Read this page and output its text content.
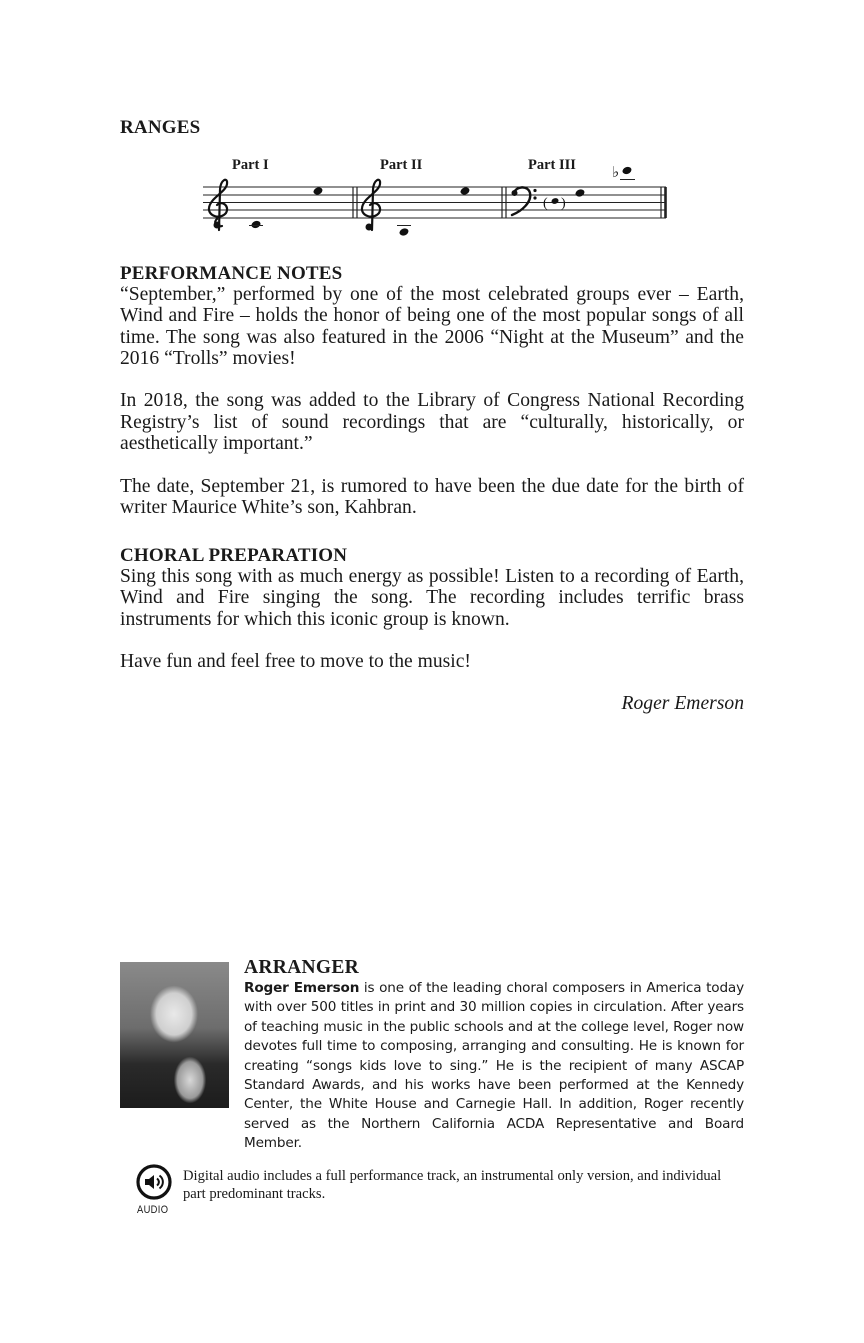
RANGES
Part I	Part II	Part III
( )
♭
PERFORMANCE NOTES

“September,” performed by one of the most celebrated groups ever – Earth, Wind and Fire – holds the honor of being one of the most popular songs of all time. The song was also featured in the 2006 “Night at the Museum” and the 2016 “Trolls” movies!

In 2018, the song was added to the Library of Congress National Recording Registry’s list of sound recordings that are “culturally, historically, or aesthetically important.”

The date, September 21, is rumored to have been the due date for the birth of writer Maurice White’s son, Kahbran.

CHORAL PREPARATION

Sing this song with as much energy as possible! Listen to a recording of Earth, Wind and Fire singing the song. The recording includes terrific brass instruments for which this iconic group is known.

Have fun and feel free to move to the music!

Roger Emerson
ARRANGER
Roger Emerson is one of the leading choral composers in America today with over 500 titles in print and 30 million copies in circulation. After years of teaching music in the public schools and at the college level, Roger now devotes full time to composing, arranging and consulting. He is known for creating “songs kids love to sing.” He is the recipient of many ASCAP Standard Awards, and his works have been performed at the Kennedy Center, the White House and Carnegie Hall. In addition, Roger recently served as the Northern California ACDA Representative and Board Member.
AUDIO
Digital audio includes a full performance track, an instrumental only version, and individual part predominant tracks.
